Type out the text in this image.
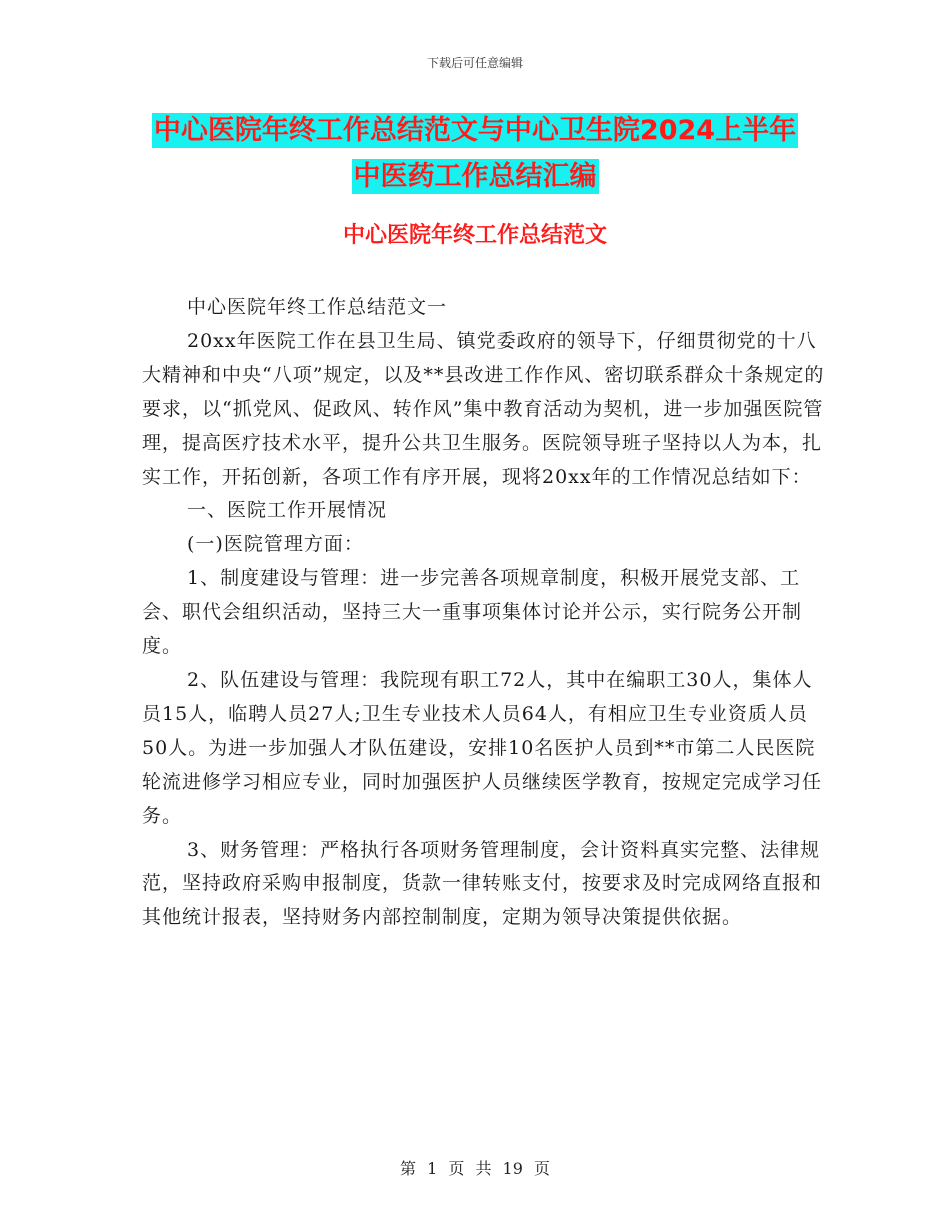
下载后可任意编辑
中心医院年终工作总结范文与中心卫生院2024上半年
中医药工作总结汇编
中心医院年终工作总结范文

中心医院年终工作总结范文一

20xx年医院工作在县卫生局、镇党委政府的领导下，仔细贯彻党的十八大精神和中央“八项”规定，以及**县改进工作作风、密切联系群众十条规定的要求，以“抓党风、促政风、转作风”集中教育活动为契机，进一步加强医院管理，提高医疗技术水平，提升公共卫生服务。医院领导班子坚持以人为本，扎实工作，开拓创新，各项工作有序开展，现将20xx年的工作情况总结如下：

一、医院工作开展情况

(一)医院管理方面：

1、制度建设与管理：进一步完善各项规章制度，积极开展党支部、工会、职代会组织活动，坚持三大一重事项集体讨论并公示，实行院务公开制度。

2、队伍建设与管理：我院现有职工72人，其中在编职工30人，集体人员15人，临聘人员27人;卫生专业技术人员64人，有相应卫生专业资质人员50人。为进一步加强人才队伍建设，安排10名医护人员到**市第二人民医院轮流进修学习相应专业，同时加强医护人员继续医学教育，按规定完成学习任务。

3、财务管理：严格执行各项财务管理制度，会计资料真实完整、法律规范，坚持政府采购申报制度，货款一律转账支付，按要求及时完成网络直报和其他统计报表，坚持财务内部控制制度，定期为领导决策提供依据。

第 1 页 共 19 页
